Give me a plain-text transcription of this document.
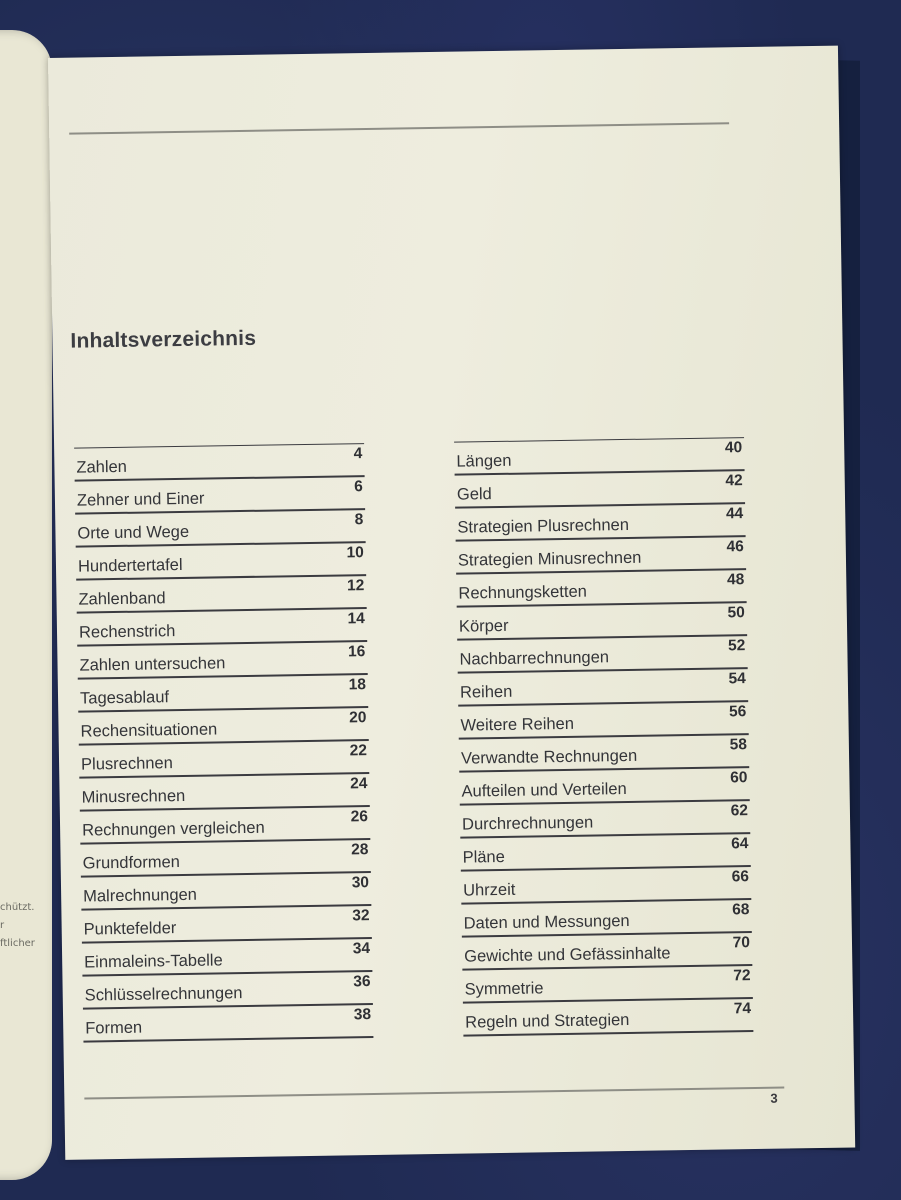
chützt.
r
ftlicher
Inhaltsverzeichnis
Zahlen
4
Zehner und Einer
6
Orte und Wege
8
Hundertertafel
10
Zahlenband
12
Rechenstrich
14
Zahlen untersuchen
16
Tagesablauf
18
Rechensituationen
20
Plusrechnen
22
Minusrechnen
24
Rechnungen vergleichen
26
Grundformen
28
Malrechnungen
30
Punktefelder
32
Einmaleins-Tabelle
34
Schlüsselrechnungen
36
Formen
38
Längen
40
Geld
42
Strategien Plusrechnen
44
Strategien Minusrechnen
46
Rechnungsketten
48
Körper
50
Nachbarrechnungen
52
Reihen
54
Weitere Reihen
56
Verwandte Rechnungen
58
Aufteilen und Verteilen
60
Durchrechnungen
62
Pläne
64
Uhrzeit
66
Daten und Messungen
68
Gewichte und Gefässinhalte
70
Symmetrie
72
Regeln und Strategien
74
3
